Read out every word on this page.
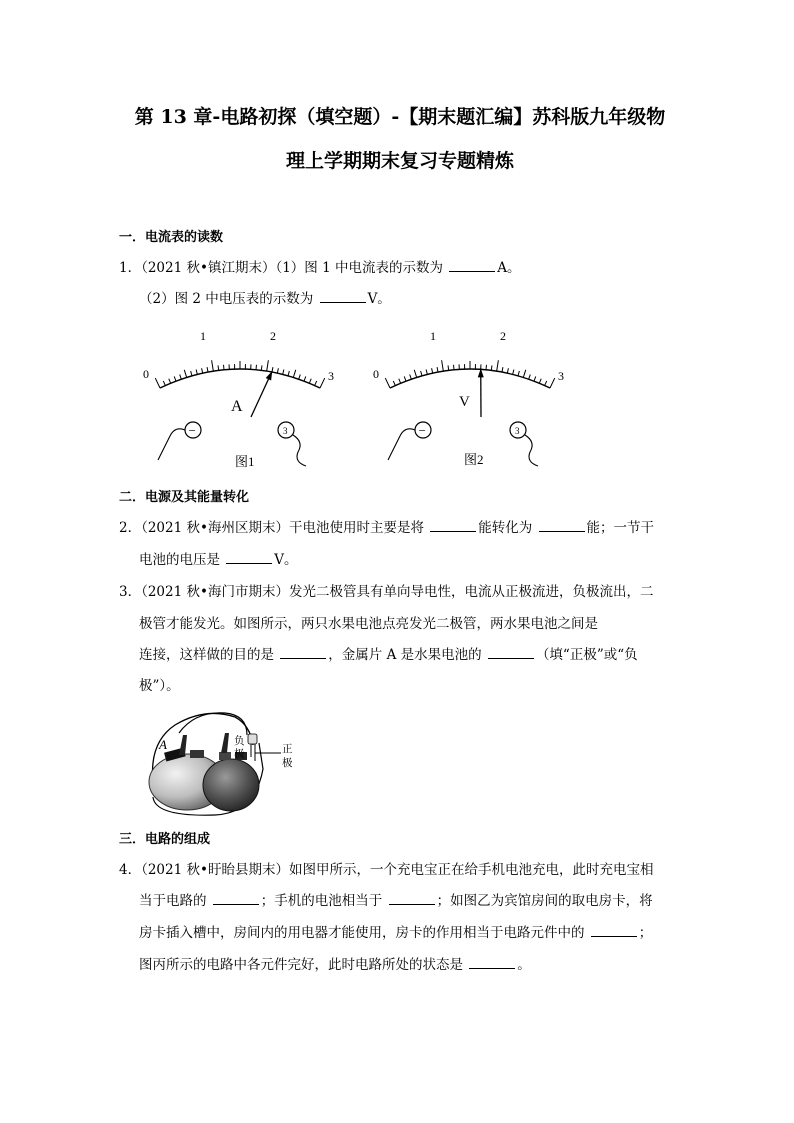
第 13 章-电路初探（填空题）-【期末题汇编】苏科版九年级物
理上学期期末复习专题精炼
一．电流表的读数
1．（2021 秋•镇江期末）（1）图 1 中电流表的示数为	A。
（2）图 2 中电压表的示数为	V。
0
1	2
3
A
−	3
图1
0
1	2
3
V
−	3
图2
二．电源及其能量转化
2．（2021 秋•海州区期末）干电池使用时主要是将	能转化为	能；一节干
电池的电压是	V。
3．（2021 秋•海门市期末）发光二极管具有单向导电性，电流从正极流进，负极流出，二
极管才能发光。如图所示，两只水果电池点亮发光二极管，两水果电池之间是
连接，这样做的目的是	，金属片 A 是水果电池的	（填“正极”或“负
极”）。
A	负
极	正
极
三．电路的组成
4．（2021 秋•盱眙县期末）如图甲所示，一个充电宝正在给手机电池充电，此时充电宝相
当于电路的	；手机的电池相当于	；如图乙为宾馆房间的取电房卡，将
房卡插入槽中，房间内的用电器才能使用，房卡的作用相当于电路元件中的	；
图丙所示的电路中各元件完好，此时电路所处的状态是	。
